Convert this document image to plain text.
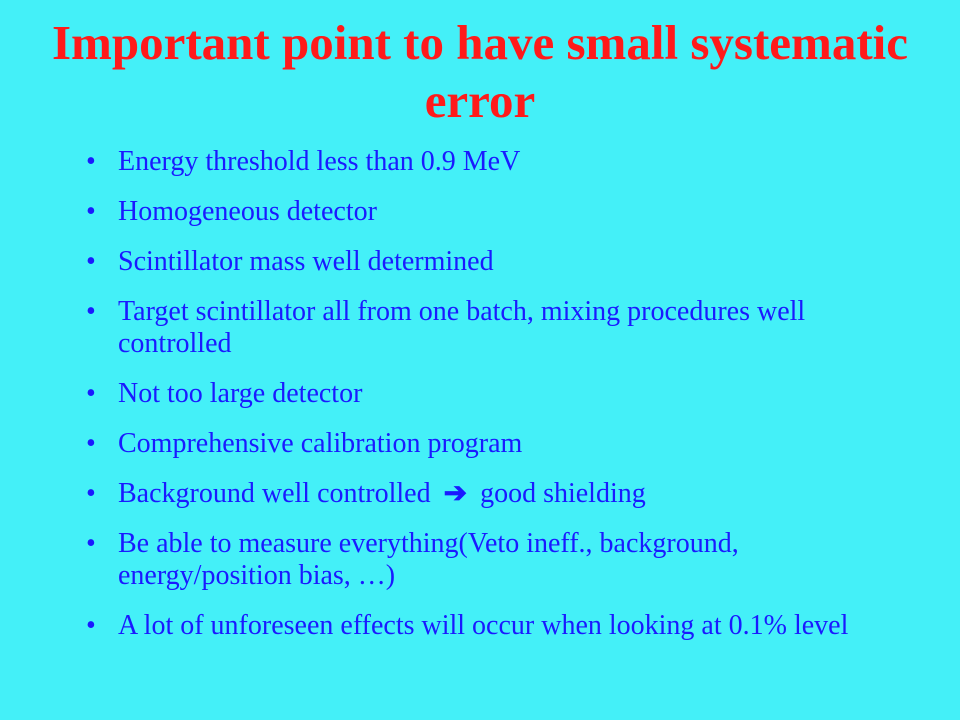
Important point to have small systematic error
• Energy threshold less than 0.9 MeV
• Homogeneous detector
• Scintillator mass well determined
• Target scintillator all from one batch, mixing procedures well controlled
• Not too large detector
• Comprehensive calibration program
• Background well controlled ➔ good shielding
• Be able to measure everything(Veto ineff., background, energy/position bias, …)
• A lot of unforeseen effects will occur when looking at 0.1% level
